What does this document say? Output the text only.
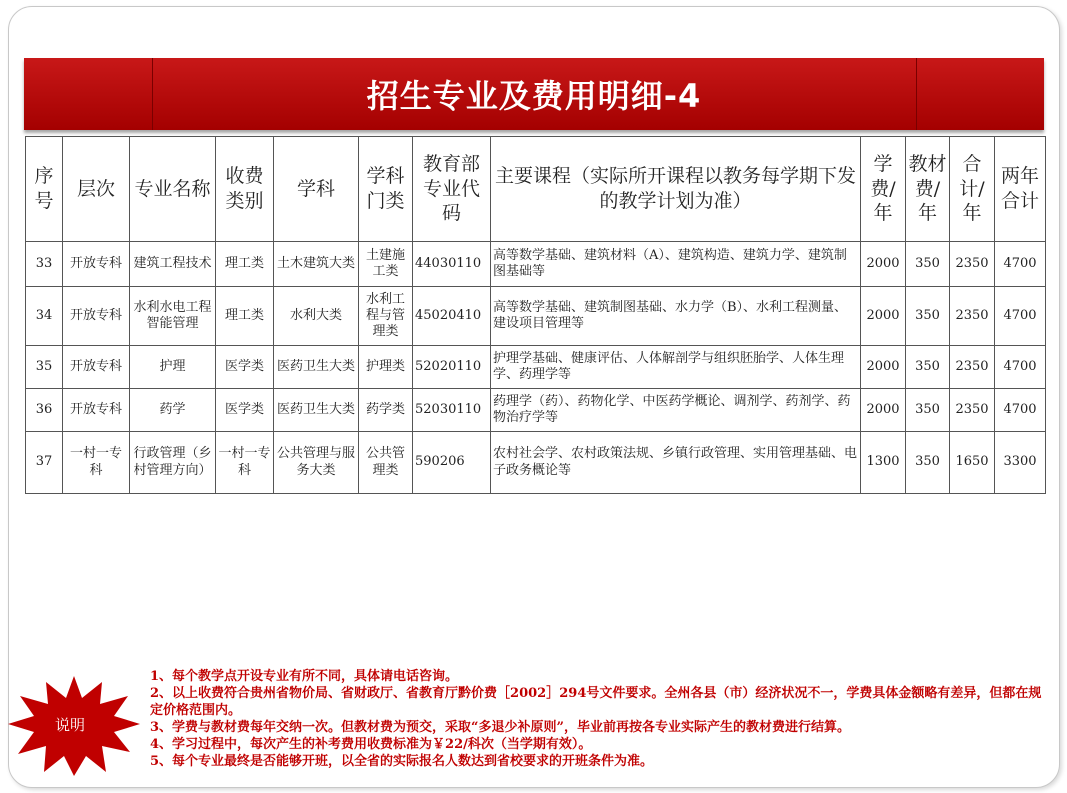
招生专业及费用明细-4
序号	层次	专业名称	收费类别	学科	学科门类	教育部专业代码	主要课程（实际所开课程以教务每学期下发的教学计划为准）	学费/年	教材费/年	合计/年	两年合计
33	开放专科	建筑工程技术	理工类	土木建筑大类	土建施工类	44030110	高等数学基础、建筑材料（A）、建筑构造、建筑力学、建筑制图基础等	2000	350	2350	4700
34	开放专科	水利水电工程智能管理	理工类	水利大类	水利工程与管理类	45020410	高等数学基础、建筑制图基础、水力学（B）、水利工程测量、建设项目管理等	2000	350	2350	4700
35	开放专科	护理	医学类	医药卫生大类	护理类	52020110	护理学基础、健康评估、人体解剖学与组织胚胎学、人体生理学、药理学等	2000	350	2350	4700
36	开放专科	药学	医学类	医药卫生大类	药学类	52030110	药理学（药）、药物化学、中医药学概论、调剂学、药剂学、药物治疗学等	2000	350	2350	4700
37	一村一专科	行政管理（乡村管理方向）	一村一专科	公共管理与服务大类	公共管理类	590206	农村社会学、农村政策法规、乡镇行政管理、实用管理基础、电子政务概论等	1300	350	1650	3300
说明

1、每个教学点开设专业有所不同，具体请电话咨询。

2、以上收费符合贵州省物价局、省财政厅、省教育厅黔价费［2002］294号文件要求。全州各县（市）经济状况不一，学费具体金额略有差异，但都在规定价格范围内。

3、学费与教材费每年交纳一次。但教材费为预交，采取“多退少补原则”，毕业前再按各专业实际产生的教材费进行结算。

4、学习过程中，每次产生的补考费用收费标准为￥22/科次（当学期有效）。

5、每个专业最终是否能够开班，以全省的实际报名人数达到省校要求的开班条件为准。
